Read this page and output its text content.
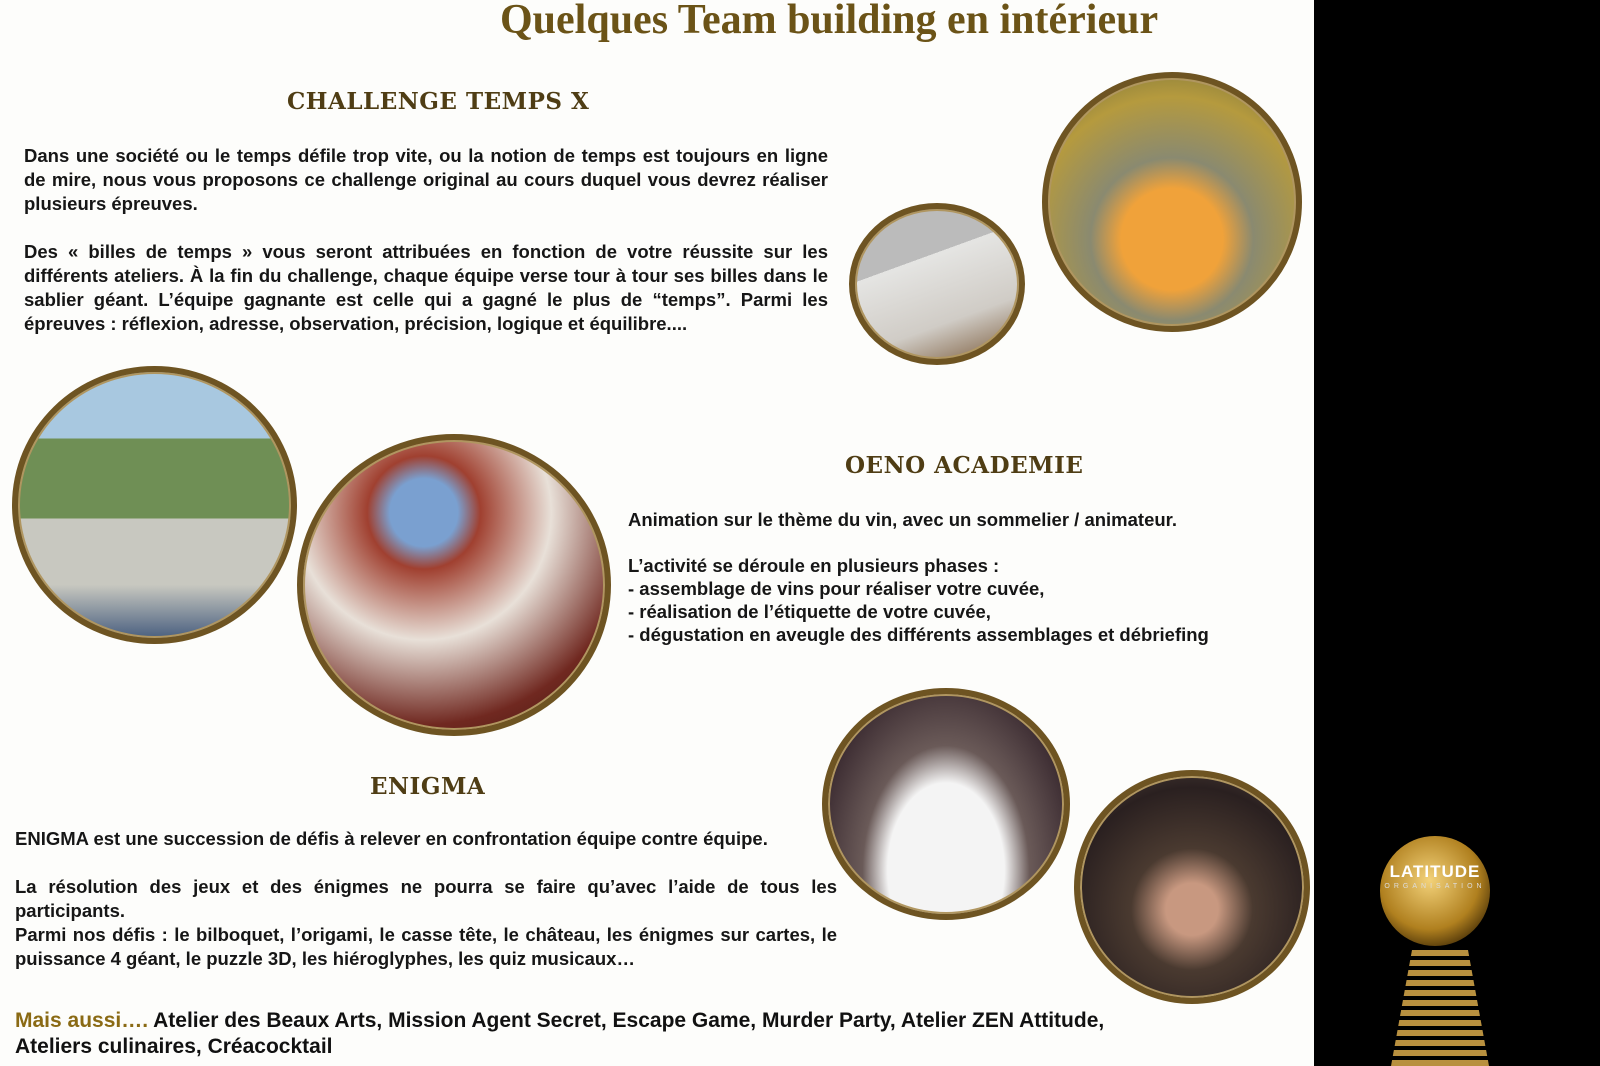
Quelques Team building en intérieur
CHALLENGE TEMPS X

Dans une société ou le temps défile trop vite, ou la notion de temps est toujours en ligne de mire, nous vous proposons ce challenge original au cours duquel vous devrez réaliser plusieurs épreuves.

Des « billes de temps » vous seront attribuées en fonction de votre réussite sur les différents ateliers. À la fin du challenge, chaque équipe verse tour à tour ses billes dans le sablier géant. L’équipe gagnante est celle qui a gagné le plus de “temps”. Parmi les épreuves : réflexion, adresse, observation, précision, logique et équilibre....

OENO ACADEMIE

Animation sur le thème du vin, avec un sommelier / animateur.

L’activité se déroule en plusieurs phases :

- assemblage de vins pour réaliser votre cuvée,

- réalisation de l’étiquette de votre cuvée,

- dégustation en aveugle des différents assemblages et débriefing

ENIGMA

ENIGMA est une succession de défis à relever en confrontation équipe contre équipe.

La résolution des jeux et des énigmes ne pourra se faire qu’avec l’aide de tous les participants.

Parmi nos défis : le bilboquet, l’origami, le casse tête, le château, les énigmes sur cartes, le puissance 4 géant, le puzzle 3D, les hiéroglyphes, les quiz musicaux…

Mais aussi…. Atelier des Beaux Arts, Mission Agent Secret, Escape Game, Murder Party, Atelier ZEN Attitude,
Ateliers culinaires, Créacocktail
LATITUDE
ORGANISATION
